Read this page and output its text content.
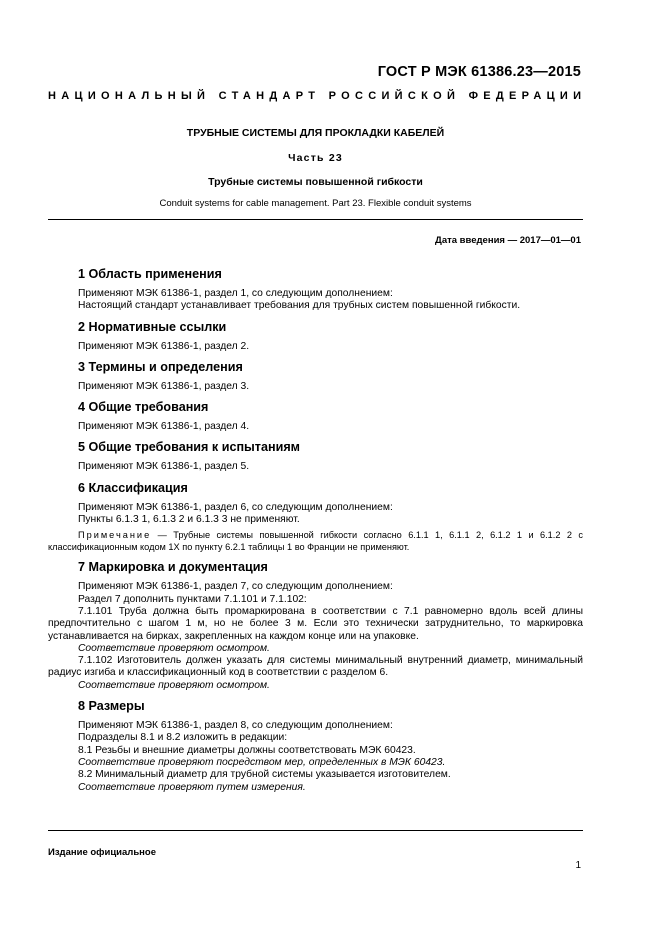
ГОСТ Р МЭК 61386.23—2015
НАЦИОНАЛЬНЫЙ СТАНДАРТ РОССИЙСКОЙ ФЕДЕРАЦИИ
ТРУБНЫЕ СИСТЕМЫ ДЛЯ ПРОКЛАДКИ КАБЕЛЕЙ
Часть 23
Трубные системы повышенной гибкости
Conduit systems for cable management. Part 23. Flexible conduit systems
Дата введения — 2017—01—01
1 Область применения

Применяют МЭК 61386-1, раздел 1, со следующим дополнением:

Настоящий стандарт устанавливает требования для трубных систем повышенной гибкости.

2 Нормативные ссылки

Применяют МЭК 61386-1, раздел 2.

3 Термины и определения

Применяют МЭК 61386-1, раздел 3.

4 Общие требования

Применяют МЭК 61386-1, раздел 4.

5 Общие требования к испытаниям

Применяют МЭК 61386-1, раздел 5.

6 Классификация

Применяют МЭК 61386-1, раздел 6, со следующим дополнением:

Пункты 6.1.3 1, 6.1.3 2 и 6.1.3 3 не применяют.

Примечание — Трубные системы повышенной гибкости согласно 6.1.1 1, 6.1.1 2, 6.1.2 1 и 6.1.2 2 с классификационным кодом 1Х по пункту 6.2.1 таблицы 1 во Франции не применяют.

7 Маркировка и документация

Применяют МЭК 61386-1, раздел 7, со следующим дополнением:

Раздел 7 дополнить пунктами 7.1.101 и 7.1.102:

7.1.101 Труба должна быть промаркирована в соответствии с 7.1 равномерно вдоль всей длины предпочтительно с шагом 1 м, но не более 3 м. Если это технически затруднительно, то маркировка устанавливается на бирках, закрепленных на каждом конце или на упаковке.

Соответствие проверяют осмотром.

7.1.102 Изготовитель должен указать для системы минимальный внутренний диаметр, минимальный радиус изгиба и классификационный код в соответствии с разделом 6.

Соответствие проверяют осмотром.

8 Размеры

Применяют МЭК 61386-1, раздел 8, со следующим дополнением:

Подразделы 8.1 и 8.2 изложить в редакции:

8.1 Резьбы и внешние диаметры должны соответствовать МЭК 60423.

Соответствие проверяют посредством мер, определенных в МЭК 60423.

8.2 Минимальный диаметр для трубной системы указывается изготовителем.

Соответствие проверяют путем измерения.

Издание официальное
1
